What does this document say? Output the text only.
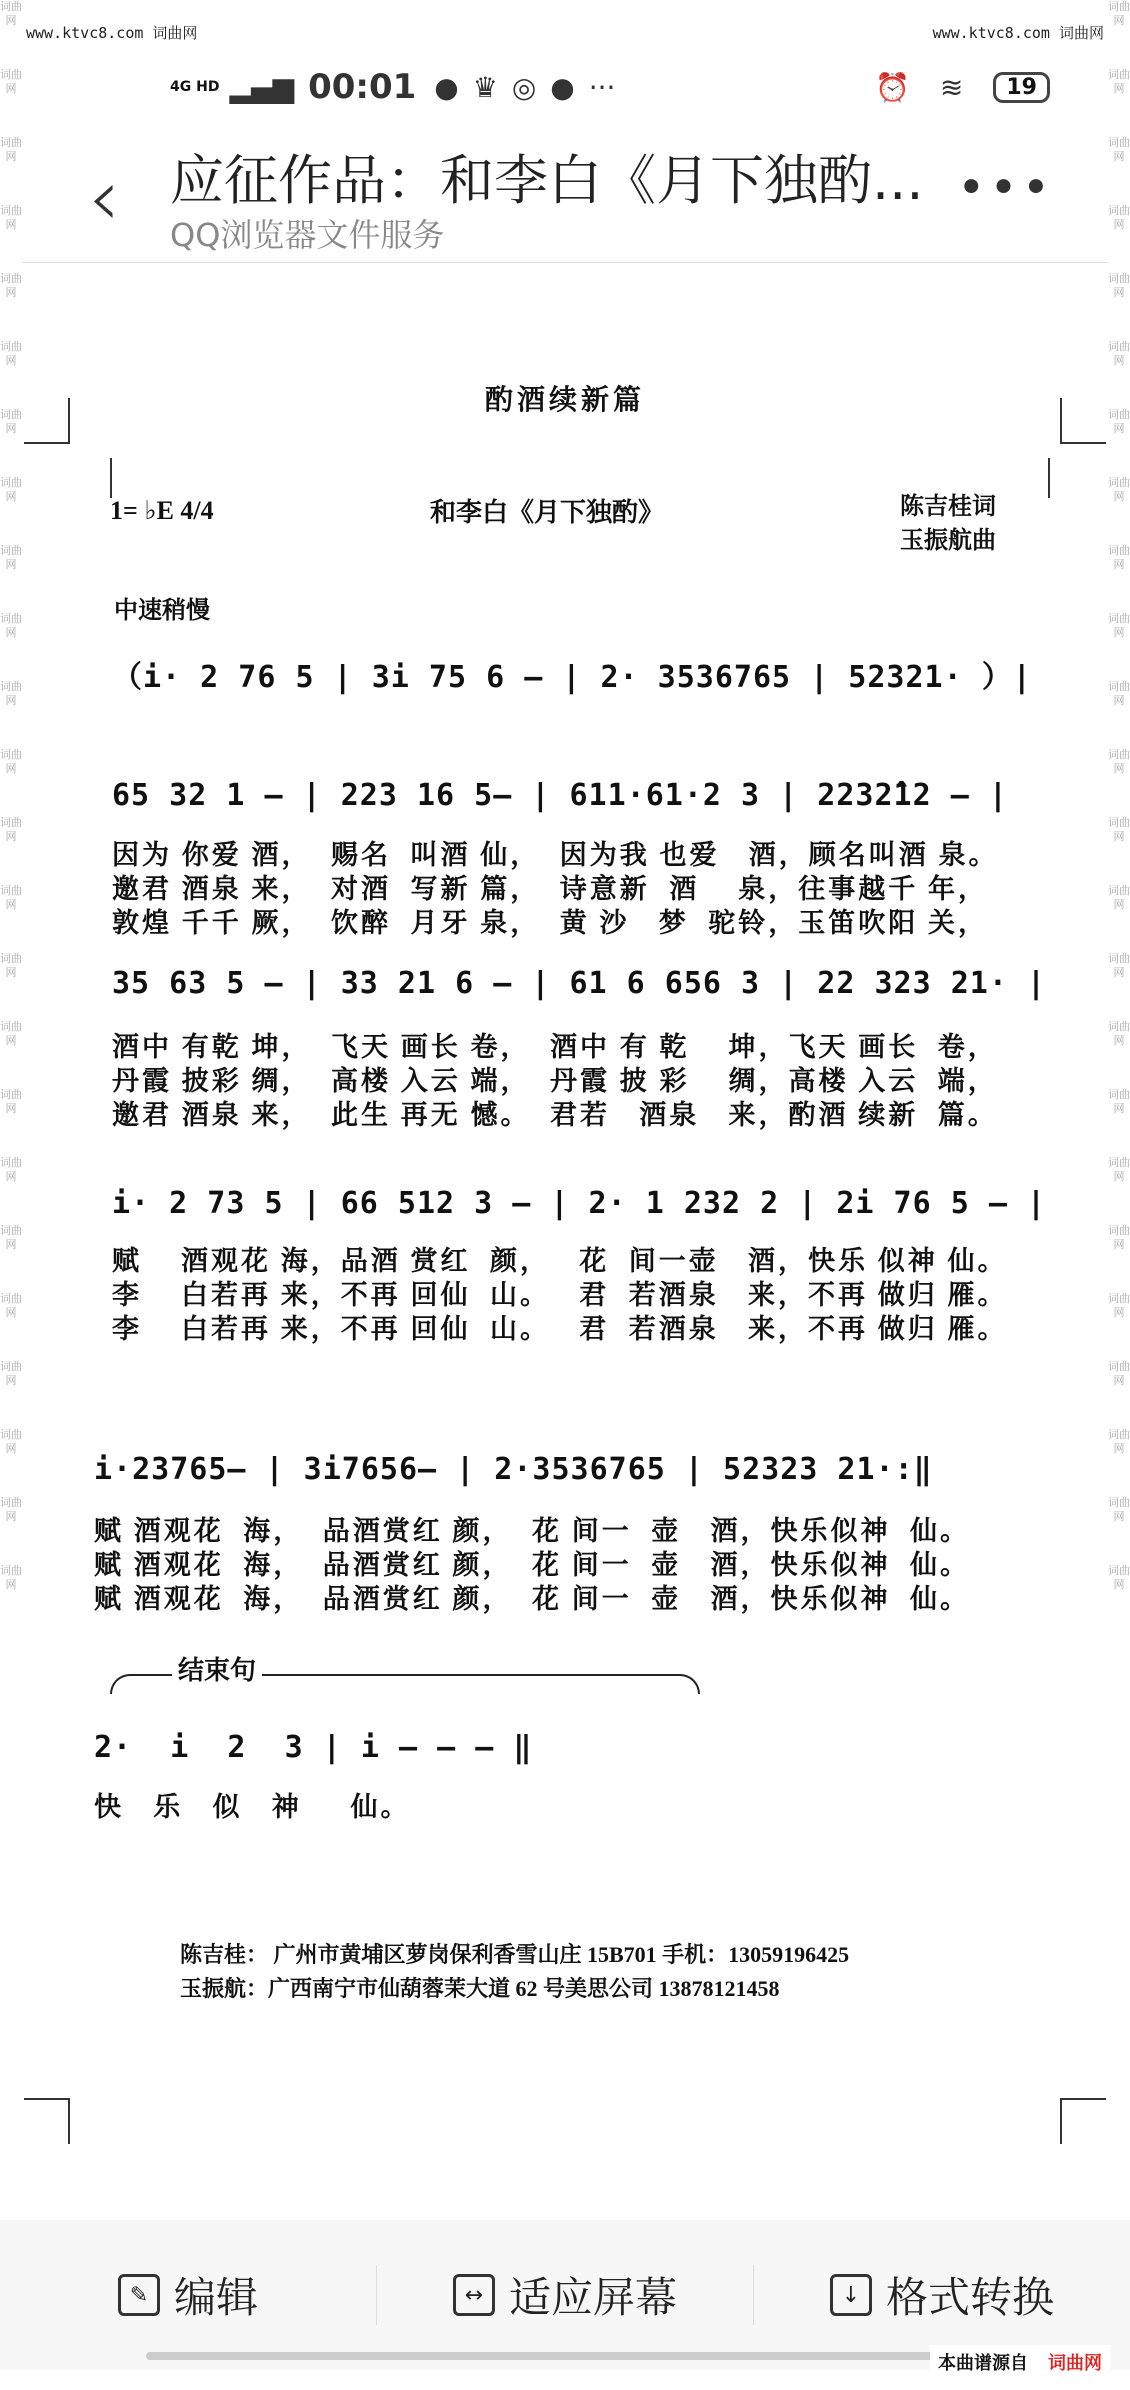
www.ktvc8.com 词曲网	www.ktvc8.com 词曲网
词曲网
词曲网
词曲网
词曲网
词曲网
词曲网
词曲网
词曲网
词曲网
词曲网
词曲网
词曲网
词曲网
词曲网
词曲网
词曲网
词曲网
词曲网
词曲网
词曲网
词曲网
词曲网
词曲网
词曲网
词曲网
词曲网
词曲网
词曲网
词曲网
词曲网
词曲网
词曲网
词曲网
词曲网
词曲网
词曲网
词曲网
词曲网
词曲网
词曲网
词曲网
词曲网
词曲网
词曲网
词曲网
词曲网
词曲网
词曲网
4G HD ▂▄▆ 00:01 ● ♛ ◎ ● ···	⏰ ≋	19
‹ 应征作品：和李白《月下独酌...
QQ浏览器文件服务
•••
酌酒续新篇
1= ♭E 4/4	和李白《月下独酌》	陈吉桂词
玉振航曲
中速稍慢
（i· 2 76 5 | 3i 75 6 — | 2· 3536765 | 52321· ）|
65 32 1 — | 223 16 5— | 611·61·2 3 | 2232̂12 — |
因为 你爱 酒，  赐名  叫酒 仙，  因为我 也爱   酒，顾名叫酒 泉。
邀君 酒泉 来，  对酒  写新 篇，  诗意新  酒    泉，往事越千 年，
敦煌 千千 厥，  饮醉  月牙 泉，  黄 沙   梦  驼铃，玉笛吹阳 关，
35 63 5 — | 33 21 6 — | 61 6 656 3 | 22 323 21· |
酒中 有乾 坤，  飞天 画长 卷，  酒中 有 乾    坤，飞天 画长  卷，
丹霞 披彩 绸，  高楼 入云 端，  丹霞 披 彩    绸，高楼 入云  端，
邀君 酒泉 来，  此生 再无 憾。  君若   酒泉   来，酌酒 续新  篇。
i· 2 73 5 | 66 512 3 — | 2· 1 232 2 | 2i 76 5 — |
赋    酒观花 海，品酒 赏红  颜，   花  间一壶   酒，快乐 似神 仙。
李    白若再 来，不再 回仙  山。   君  若酒泉   来，不再 做归 雁。
李    白若再 来，不再 回仙  山。   君  若酒泉   来，不再 做归 雁。
i·23765— | 3i7656— | 2·3536765 | 52323 21·:‖
赋 酒观花  海，  品酒赏红 颜，  花 间一  壶   酒，快乐似神  仙。
赋 酒观花  海，  品酒赏红 颜，  花 间一  壶   酒，快乐似神  仙。
赋 酒观花  海，  品酒赏红 颜，  花 间一  壶   酒，快乐似神  仙。
结束句
2·  i  2  3 | i — — — ‖
快   乐   似   神     仙。
陈吉桂： 广州市黄埔区萝岗保利香雪山庄 15B701 手机：13059196425
玉振航：广西南宁市仙葫蓉茉大道 62 号美思公司 13878121458
✎ 编辑	↔ 适应屏幕	↓ 格式转换
本曲谱源自 词曲网
